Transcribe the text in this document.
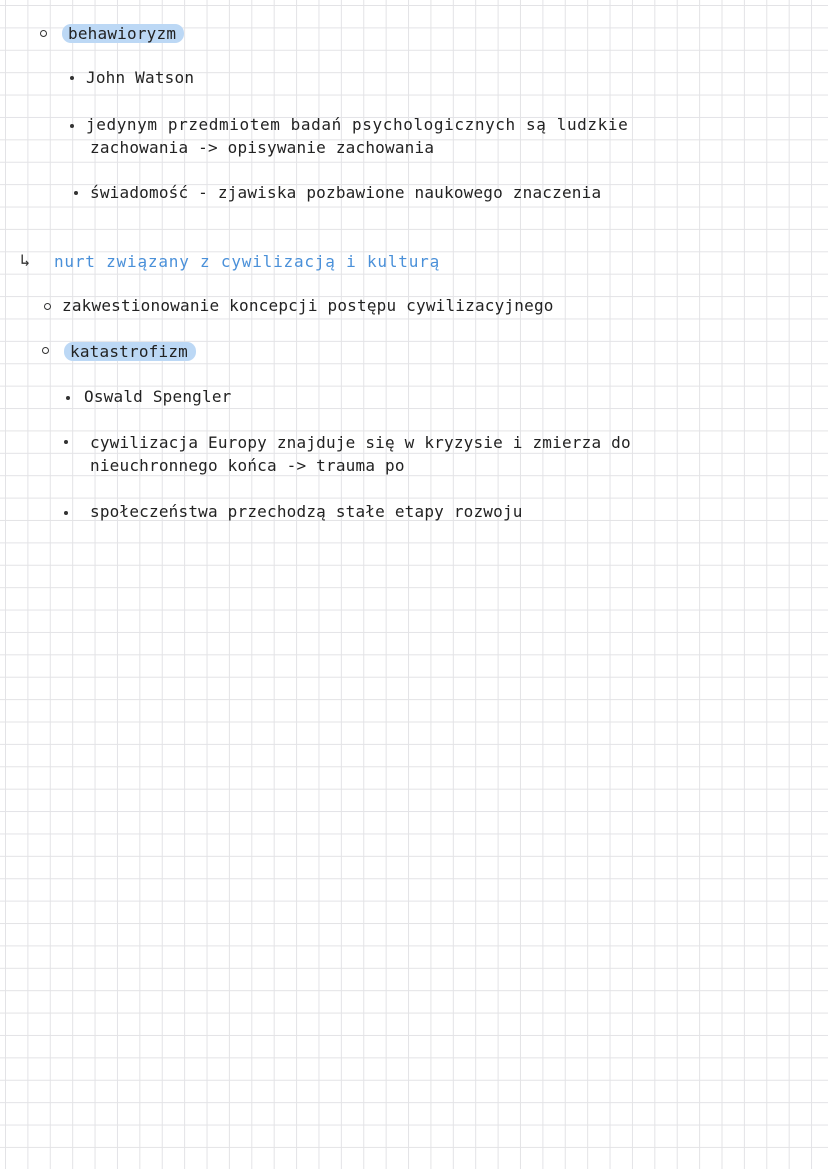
behawioryzm
John Watson
jedynym przedmiotem badań psychologicznych są ludzkie
zachowania -> opisywanie zachowania
świadomość - zjawiska pozbawione naukowego znaczenia
↳ nurt związany z cywilizacją i kulturą
zakwestionowanie koncepcji postępu cywilizacyjnego
katastrofizm
Oswald Spengler
cywilizacja Europy znajduje się w kryzysie i zmierza do
nieuchronnego końca -> trauma po
społeczeństwa przechodzą stałe etapy rozwoju
